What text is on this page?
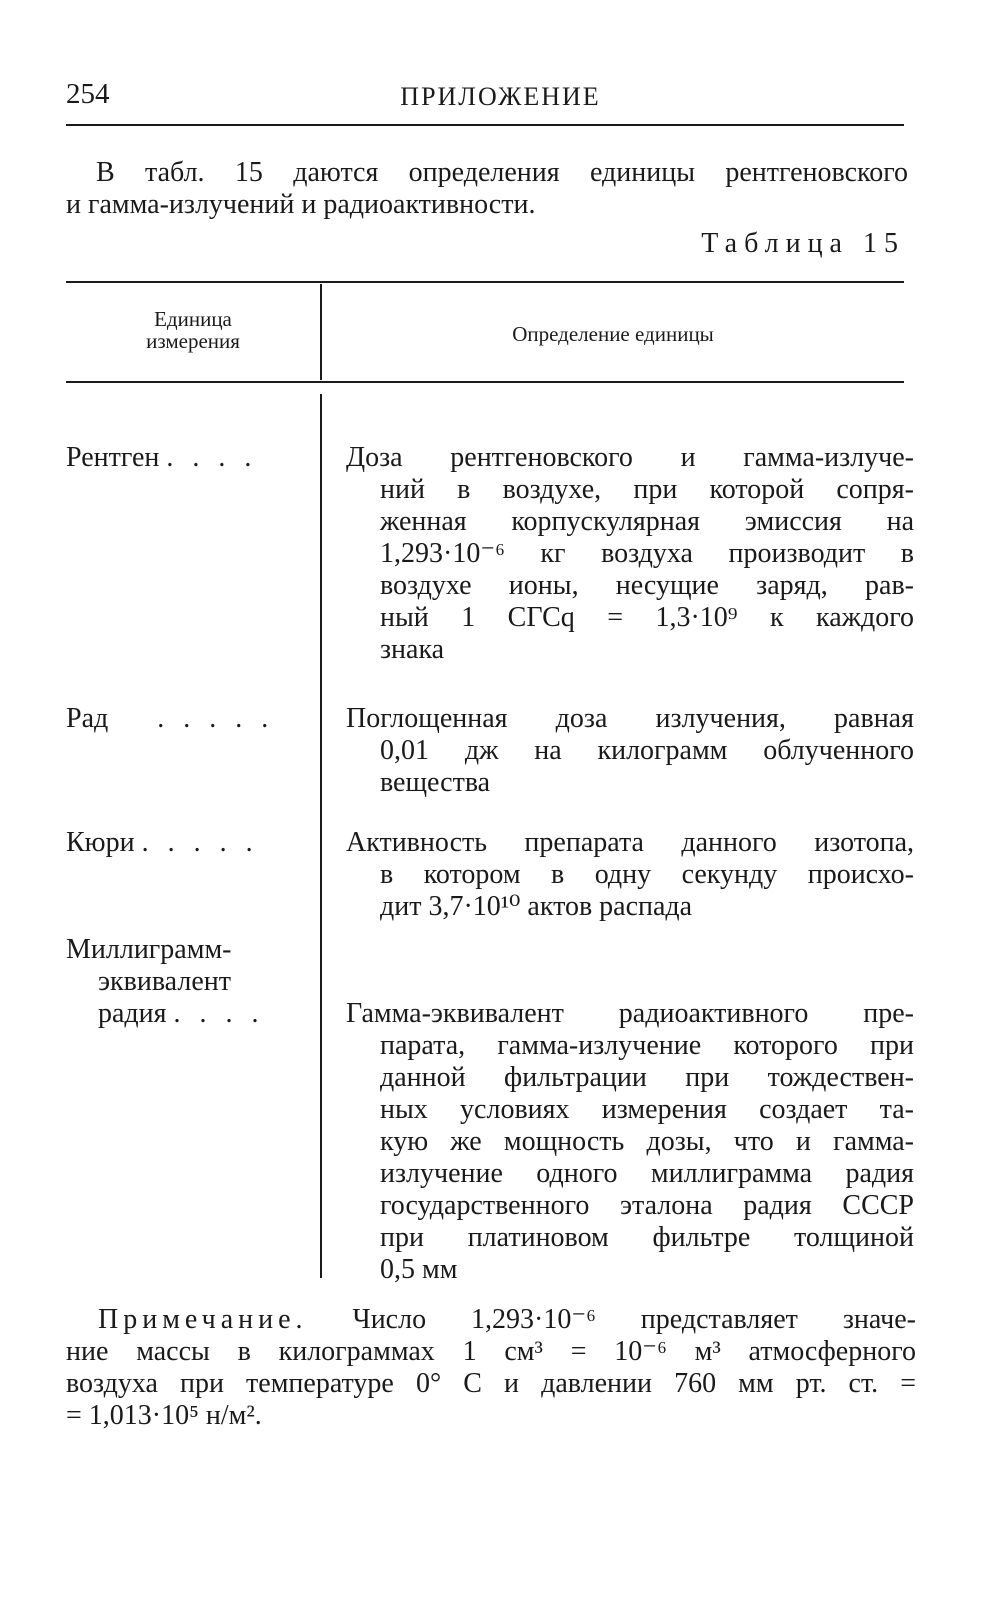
254	ПРИЛОЖЕНИЕ
В табл. 15 даются определения единицы рентгеновского
и гамма-излучений и радиоактивности.
Таблица 15
Единица
измерения	Определение единицы
Рентген . . . .	Доза рентгеновского и гамма-излуче-
ний в воздухе, при которой сопря-
женная корпускулярная эмиссия на
1,293·10⁻⁶ кг воздуха производит в
воздухе ионы, несущие заряд, рав-
ный 1 СГСq = 1,3·10⁹ к каждого
знака
Рад . . . . .	Поглощенная доза излучения, равная
0,01 дж на килограмм облученного
вещества
Кюри . . . . .	Активность препарата данного изотопа,
в котором в одну секунду происхо-
дит 3,7·10¹⁰ актов распада
Миллиграмм-
эквивалент
радия . . . .	Гамма-эквивалент радиоактивного пре-
парата, гамма-излучение которого при
данной фильтрации при тождествен-
ных условиях измерения создает та-
кую же мощность дозы, что и гамма-
излучение одного миллиграмма радия
государственного эталона радия СССР
при платиновом фильтре толщиной
0,5 мм
Примечание. Число 1,293·10⁻⁶ представляет значе-
ние массы в килограммах 1 см³ = 10⁻⁶ м³ атмосферного
воздуха при температуре 0° С и давлении 760 мм рт. ст. =
= 1,013·10⁵ н/м².
